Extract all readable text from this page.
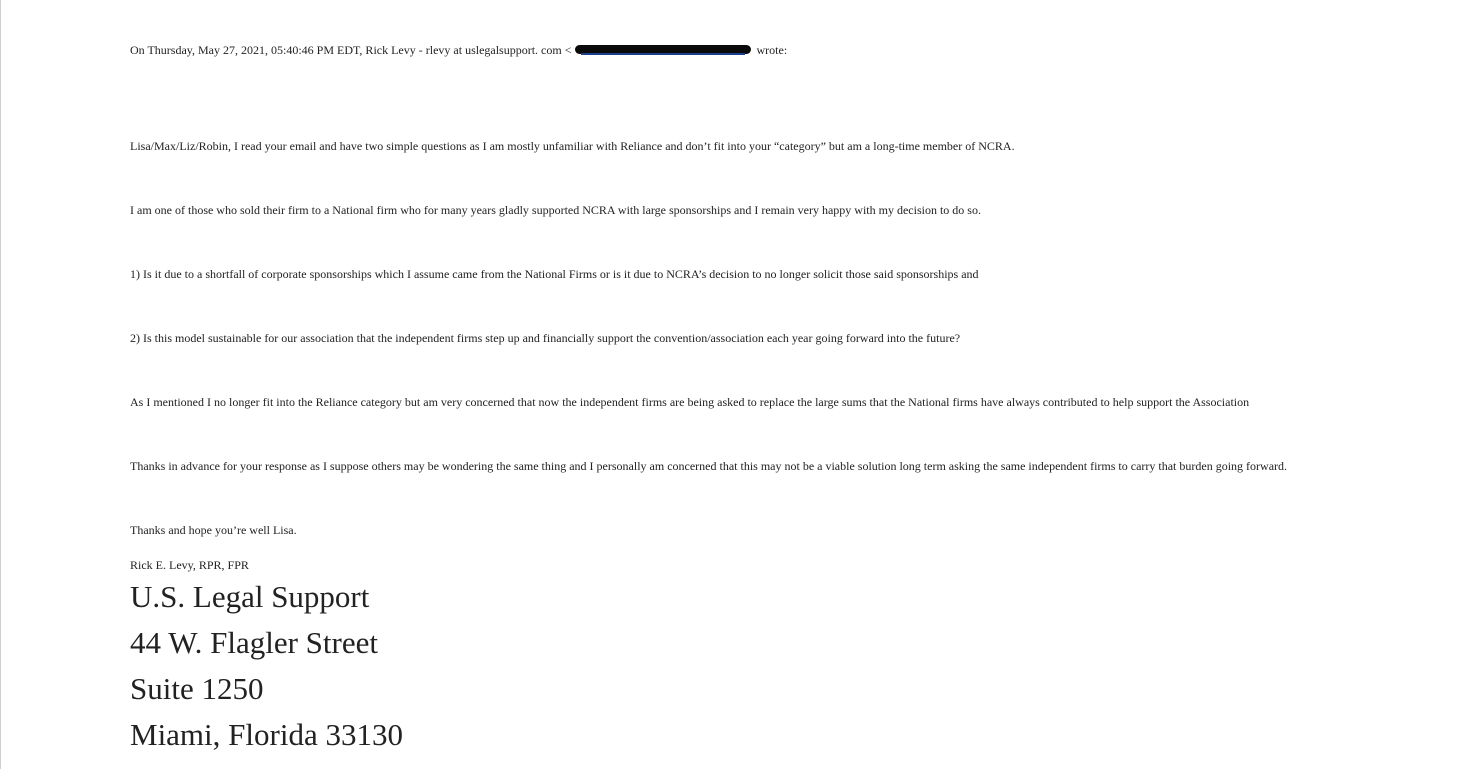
On Thursday, May 27, 2021, 05:40:46 PM EDT, Rick Levy - rlevy at uslegalsupport. com <	wrote:
Lisa/Max/Liz/Robin, I read your email and have two simple questions as I am mostly unfamiliar with Reliance and don’t fit into your “category” but am a long-time member of NCRA.
I am one of those who sold their firm to a National firm who for many years gladly supported NCRA with large sponsorships and I remain very happy with my decision to do so.
1) Is it due to a shortfall of corporate sponsorships which I assume came from the National Firms or is it due to NCRA’s decision to no longer solicit those said sponsorships and
2) Is this model sustainable for our association that the independent firms step up and financially support the convention/association each year going forward into the future?
As I mentioned I no longer fit into the Reliance category but am very concerned that now the independent firms are being asked to replace the large sums that the National firms have always contributed to help support the Association
Thanks in advance for your response as I suppose others may be wondering the same thing and I personally am concerned that this may not be a viable solution long term asking the same independent firms to carry that burden going forward.
Thanks and hope you’re well Lisa.
Rick E. Levy, RPR, FPR
U.S. Legal Support
44 W. Flagler Street
Suite 1250
Miami, Florida 33130
